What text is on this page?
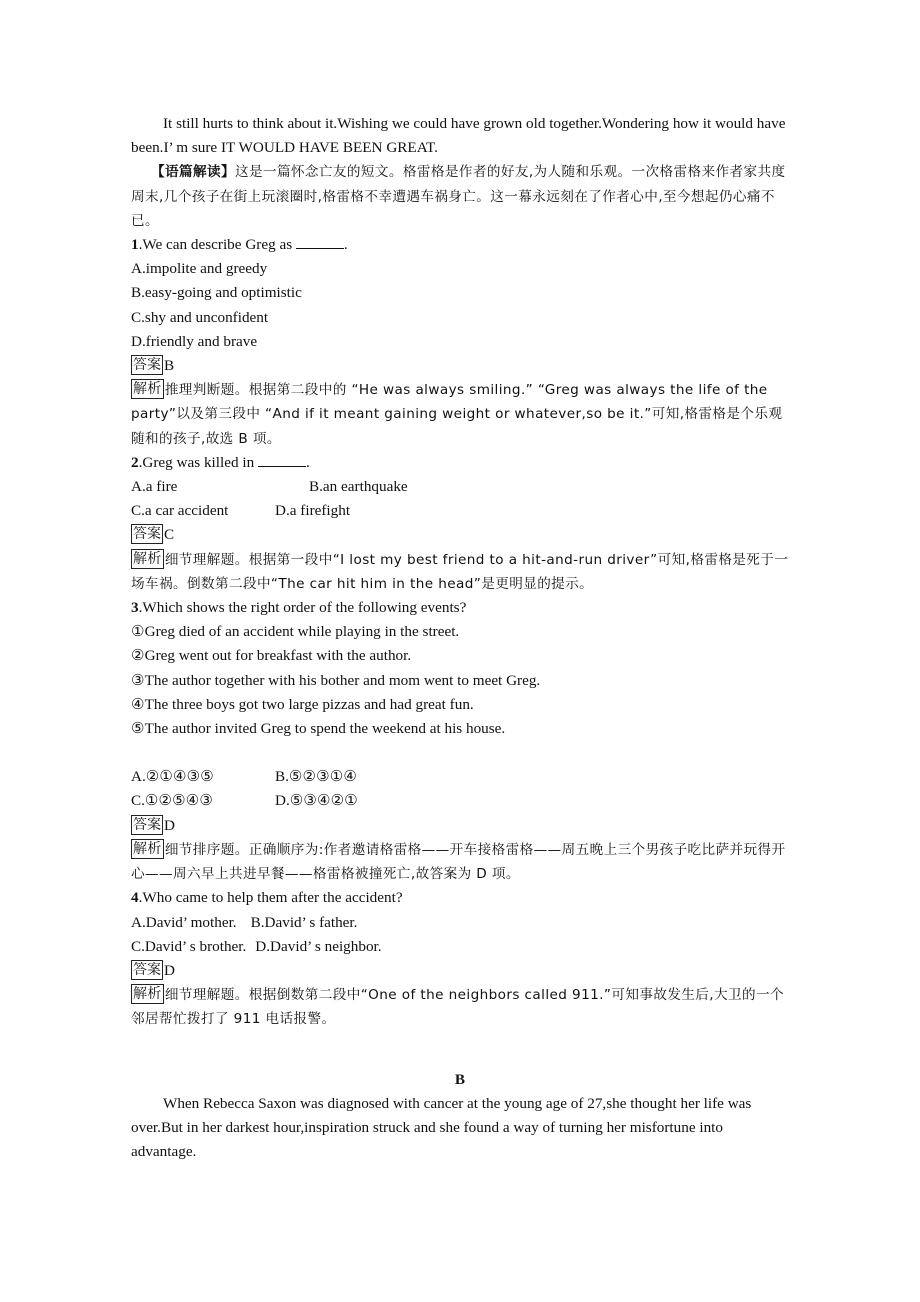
It still hurts to think about it.Wishing we could have grown old together.Wondering how it would have been.I’ m sure IT WOULD HAVE BEEN GREAT.

【语篇解读】这是一篇怀念亡友的短文。格雷格是作者的好友,为人随和乐观。一次格雷格来作者家共度周末,几个孩子在街上玩滚圈时,格雷格不幸遭遇车祸身亡。这一幕永远刻在了作者心中,至今想起仍心痛不已。

1.We can describe Greg as	.

A.impolite and greedy

B.easy-going and optimistic

C.shy and unconfident

D.friendly and brave

答案 B

解析 推理判断题。根据第二段中的 “He was always smiling.” “Greg was always the life of the party”以及第三段中 “And if it meant gaining weight or whatever,so be it.”可知,格雷格是个乐观随和的孩子,故选 B 项。

2.Greg was killed in	.

A.a fire	B.an earthquake
C.a car accident	D.a firefight

答案 C

解析 细节理解题。根据第一段中“I lost my best friend to a hit-and-run driver”可知,格雷格是死于一场车祸。倒数第二段中“The car hit him in the head”是更明显的提示。

3.Which shows the right order of the following events?

①Greg died of an accident while playing in the street.

②Greg went out for breakfast with the author.

③The author together with his bother and mom went to meet Greg.

④The three boys got two large pizzas and had great fun.

⑤The author invited Greg to spend the weekend at his house.

A.②①④③⑤	B.⑤②③①④
C.①②⑤④③	D.⑤③④②①

答案 D

解析 细节排序题。正确顺序为:作者邀请格雷格——开车接格雷格——周五晚上三个男孩子吃比萨并玩得开心——周六早上共进早餐——格雷格被撞死亡,故答案为 D 项。

4.Who came to help them after the accident?

A.David’ mother. B.David’ s father.
C.David’ s brother. D.David’ s neighbor.

答案 D

解析 细节理解题。根据倒数第二段中“One of the neighbors called 911.”可知事故发生后,大卫的一个邻居帮忙拨打了 911 电话报警。

B

When Rebecca Saxon was diagnosed with cancer at the young age of 27,she thought her life was over.But in her darkest hour,inspiration struck and she found a way of turning her misfortune into advantage.
